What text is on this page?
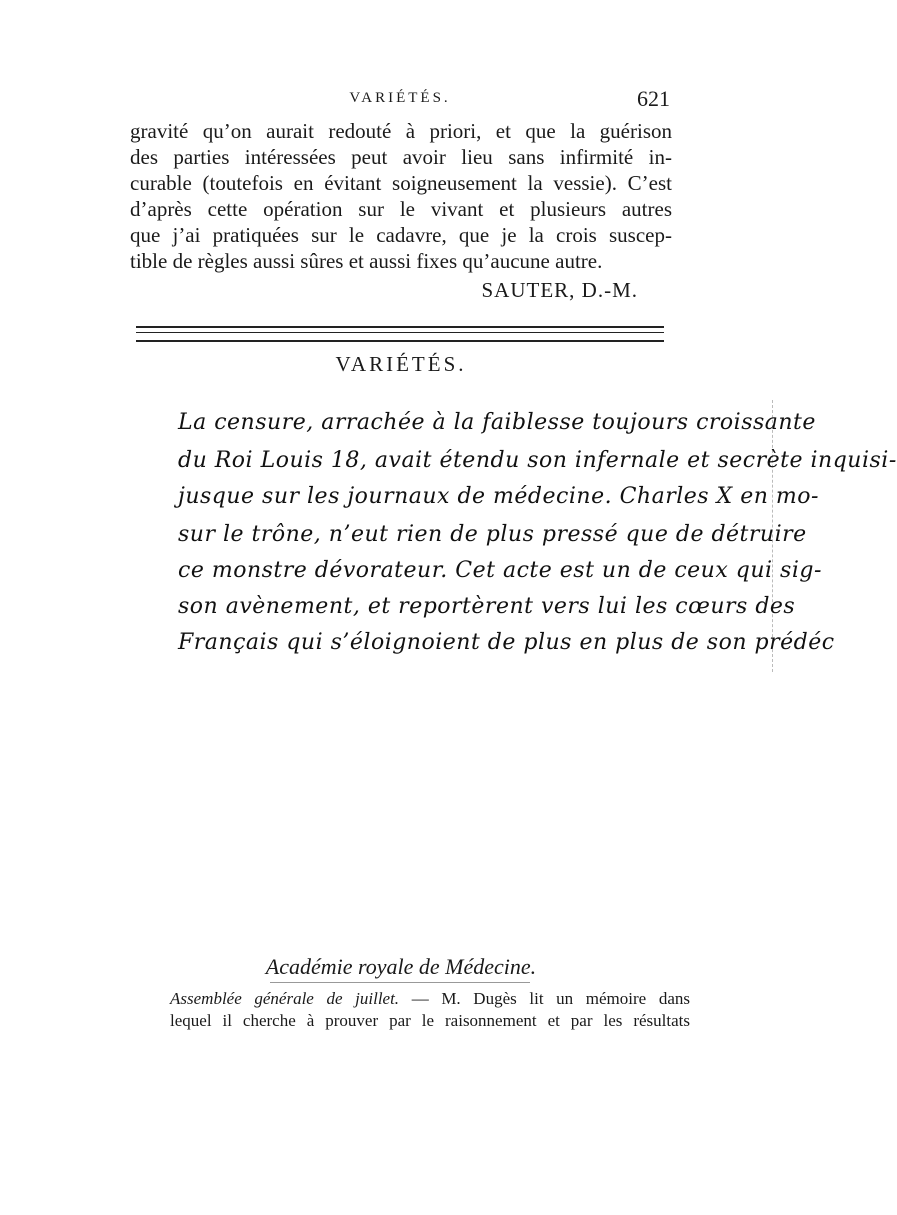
VARIÉTÉS.	621
gravité qu’on aurait redouté à priori, et que la guérison
des parties intéressées peut avoir lieu sans infirmité in-
curable (toutefois en évitant soigneusement la vessie). C’est
d’après cette opération sur le vivant et plusieurs autres
que j’ai pratiquées sur le cadavre, que je la crois suscep-
tible de règles aussi sûres et aussi fixes qu’aucune autre.
SAUTER, D.-M.
VARIÉTÉS.
La censure, arrachée à la faiblesse toujours croissante
du Roi Louis 18, avait étendu son infernale et secrète inquisi-
jusque sur les journaux de médecine. Charles X en mo-
sur le trône, n’eut rien de plus pressé que de détruire
ce monstre dévorateur. Cet acte est un de ceux qui sig-
son avènement, et reportèrent vers lui les cœurs des
Français qui s’éloignoient de plus en plus de son prédéc
Académie royale de Médecine.
Assemblée générale de juillet. — M. Dugès lit un mémoire dans
lequel il cherche à prouver par le raisonnement et par les résultats
